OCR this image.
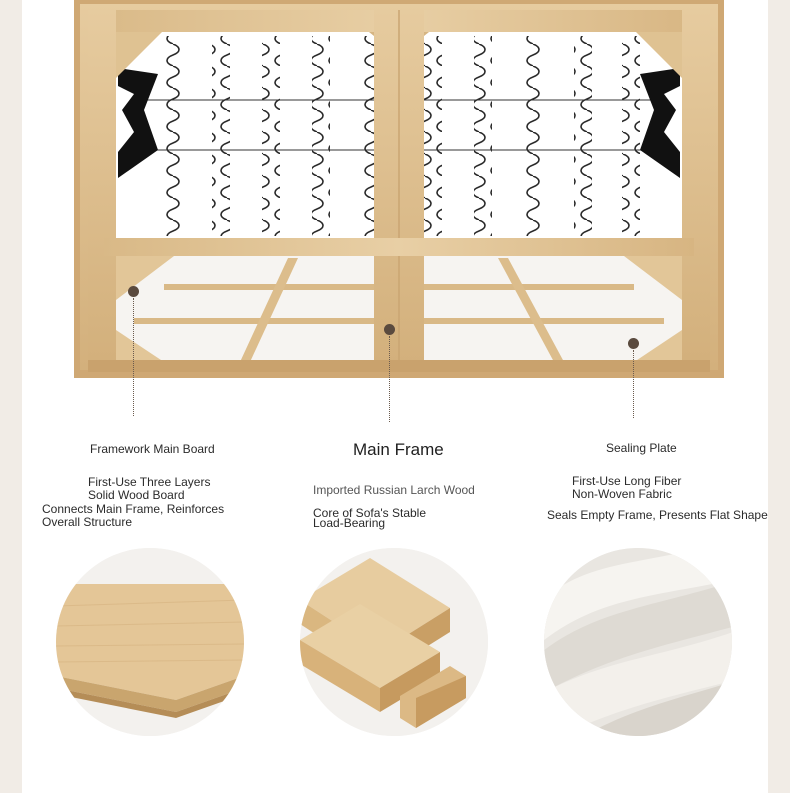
Framework Main Board
First-Use Three Layers
Solid Wood Board
Connects Main Frame, Reinforces
Overall Structure
Main Frame
Imported Russian Larch Wood
Core of Sofa's Stable
Load-Bearing
Sealing Plate
First-Use Long Fiber
Non-Woven Fabric
Seals Empty Frame, Presents Flat Shape
